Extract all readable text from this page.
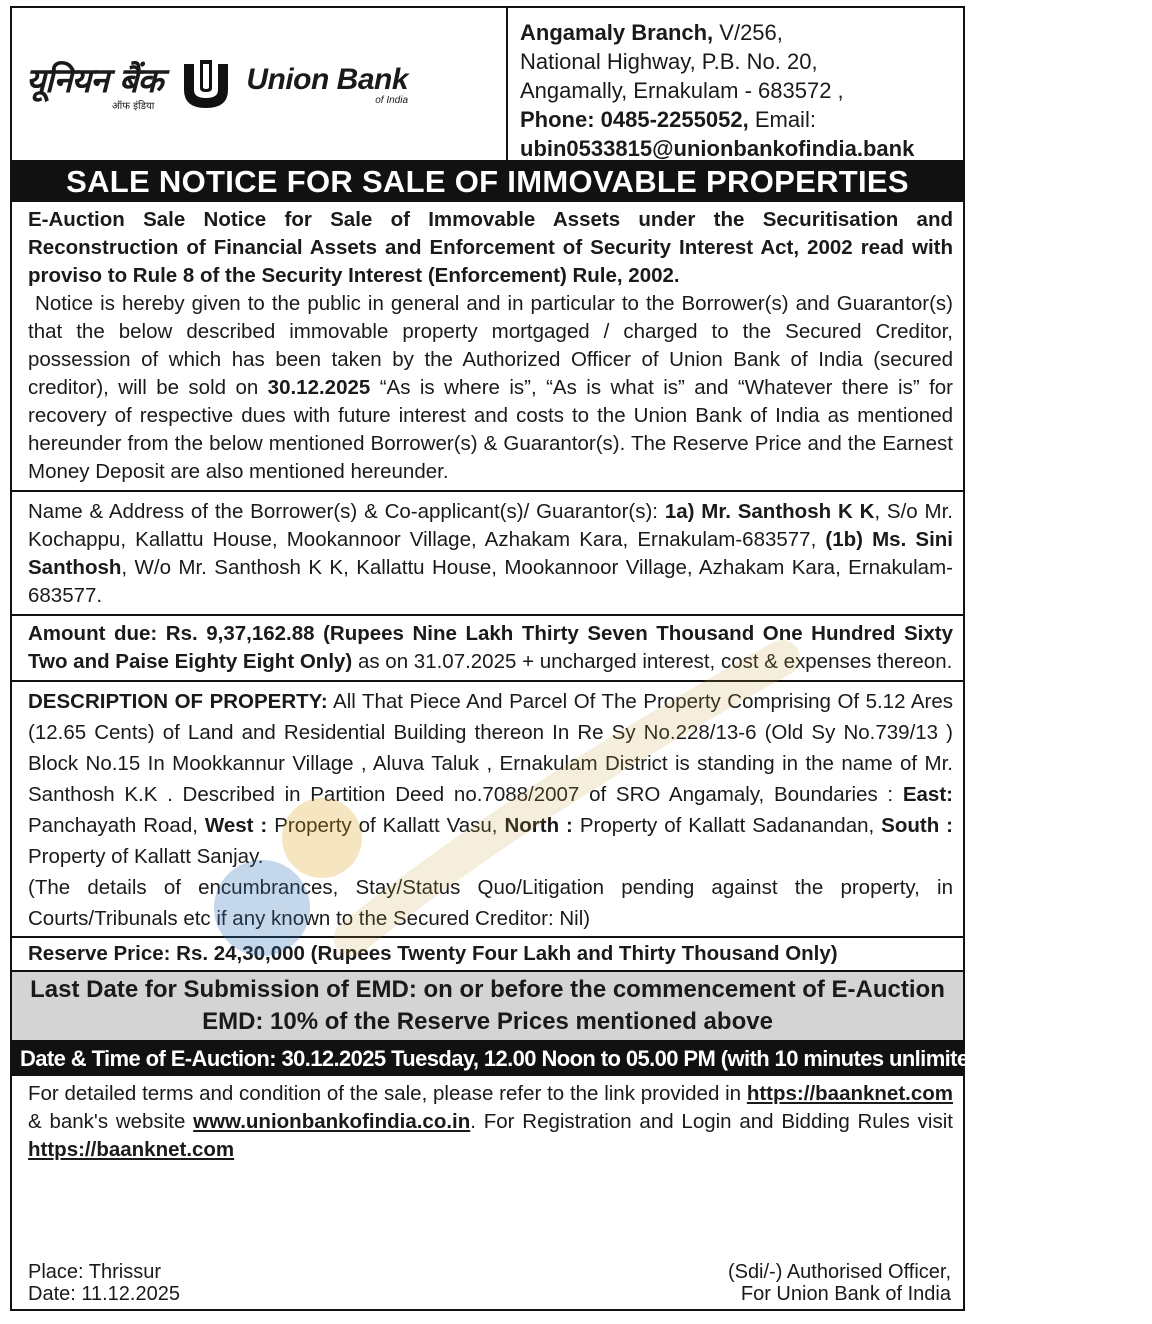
यूनियन बैंक
ऑफ इंडिया
Union Bank
of India
Angamaly Branch, V/256,
National Highway, P.B. No. 20,
Angamally, Ernakulam - 683572 ,
Phone: 0485-2255052, Email:
ubin0533815@unionbankofindia.bank
SALE NOTICE FOR SALE OF IMMOVABLE PROPERTIES

E-Auction Sale Notice for Sale of Immovable Assets under the Securitisation and Reconstruction of Financial Assets and Enforcement of Security Interest Act, 2002 read with proviso to Rule 8 of the Security Interest (Enforcement) Rule, 2002.

Notice is hereby given to the public in general and in particular to the Borrower(s) and Guarantor(s) that the below described immovable property mortgaged / charged to the Secured Creditor, possession of which has been taken by the Authorized Officer of Union Bank of India (secured creditor), will be sold on 30.12.2025 “As is where is”, “As is what is” and “Whatever there is” for recovery of respective dues with future interest and costs to the Union Bank of India as mentioned hereunder from the below mentioned Borrower(s) & Guarantor(s). The Reserve Price and the Earnest Money Deposit are also mentioned hereunder.

Name & Address of the Borrower(s) & Co-applicant(s)/ Guarantor(s): 1a) Mr. Santhosh K K, S/o Mr. Kochappu, Kallattu House, Mookannoor Village, Azhakam Kara, Ernakulam-683577, (1b) Ms. Sini Santhosh, W/o Mr. Santhosh K K, Kallattu House, Mookannoor Village, Azhakam Kara, Ernakulam-683577.
Amount due: Rs. 9,37,162.88 (Rupees Nine Lakh Thirty Seven Thousand One Hundred Sixty Two and Paise Eighty Eight Only) as on 31.07.2025 + uncharged interest, cost & expenses thereon.

DESCRIPTION OF PROPERTY: All That Piece And Parcel Of The Property Comprising Of 5.12 Ares (12.65 Cents) of Land and Residential Building thereon In Re Sy No.228/13-6 (Old Sy No.739/13 ) Block No.15 In Mookkannur Village , Aluva Taluk , Ernakulam District is standing in the name of Mr. Santhosh K.K . Described in Partition Deed no.7088/2007 of SRO Angamaly, Boundaries : East: Panchayath Road, West : Property of Kallatt Vasu, North : Property of Kallatt Sadanandan, South : Property of Kallatt Sanjay.

(The details of encumbrances, Stay/Status Quo/Litigation pending against the property, in Courts/Tribunals etc if any known to the Secured Creditor: Nil)

Reserve Price: Rs. 24,30,000 (Rupees Twenty Four Lakh and Thirty Thousand Only)
Last Date for Submission of EMD: on or before the commencement of E-Auction
EMD: 10% of the Reserve Prices mentioned above
Date & Time of E-Auction: 30.12.2025 Tuesday, 12.00 Noon to 05.00 PM (with 10 minutes unlimited auto extensions)
For detailed terms and condition of the sale, please refer to the link provided in https://baanknet.com & bank's website www.unionbankofindia.co.in. For Registration and Login and Bidding Rules visit https://baanknet.com
Place: Thrissur
Date: 11.12.2025
(Sdi/-) Authorised Officer,
For Union Bank of India
